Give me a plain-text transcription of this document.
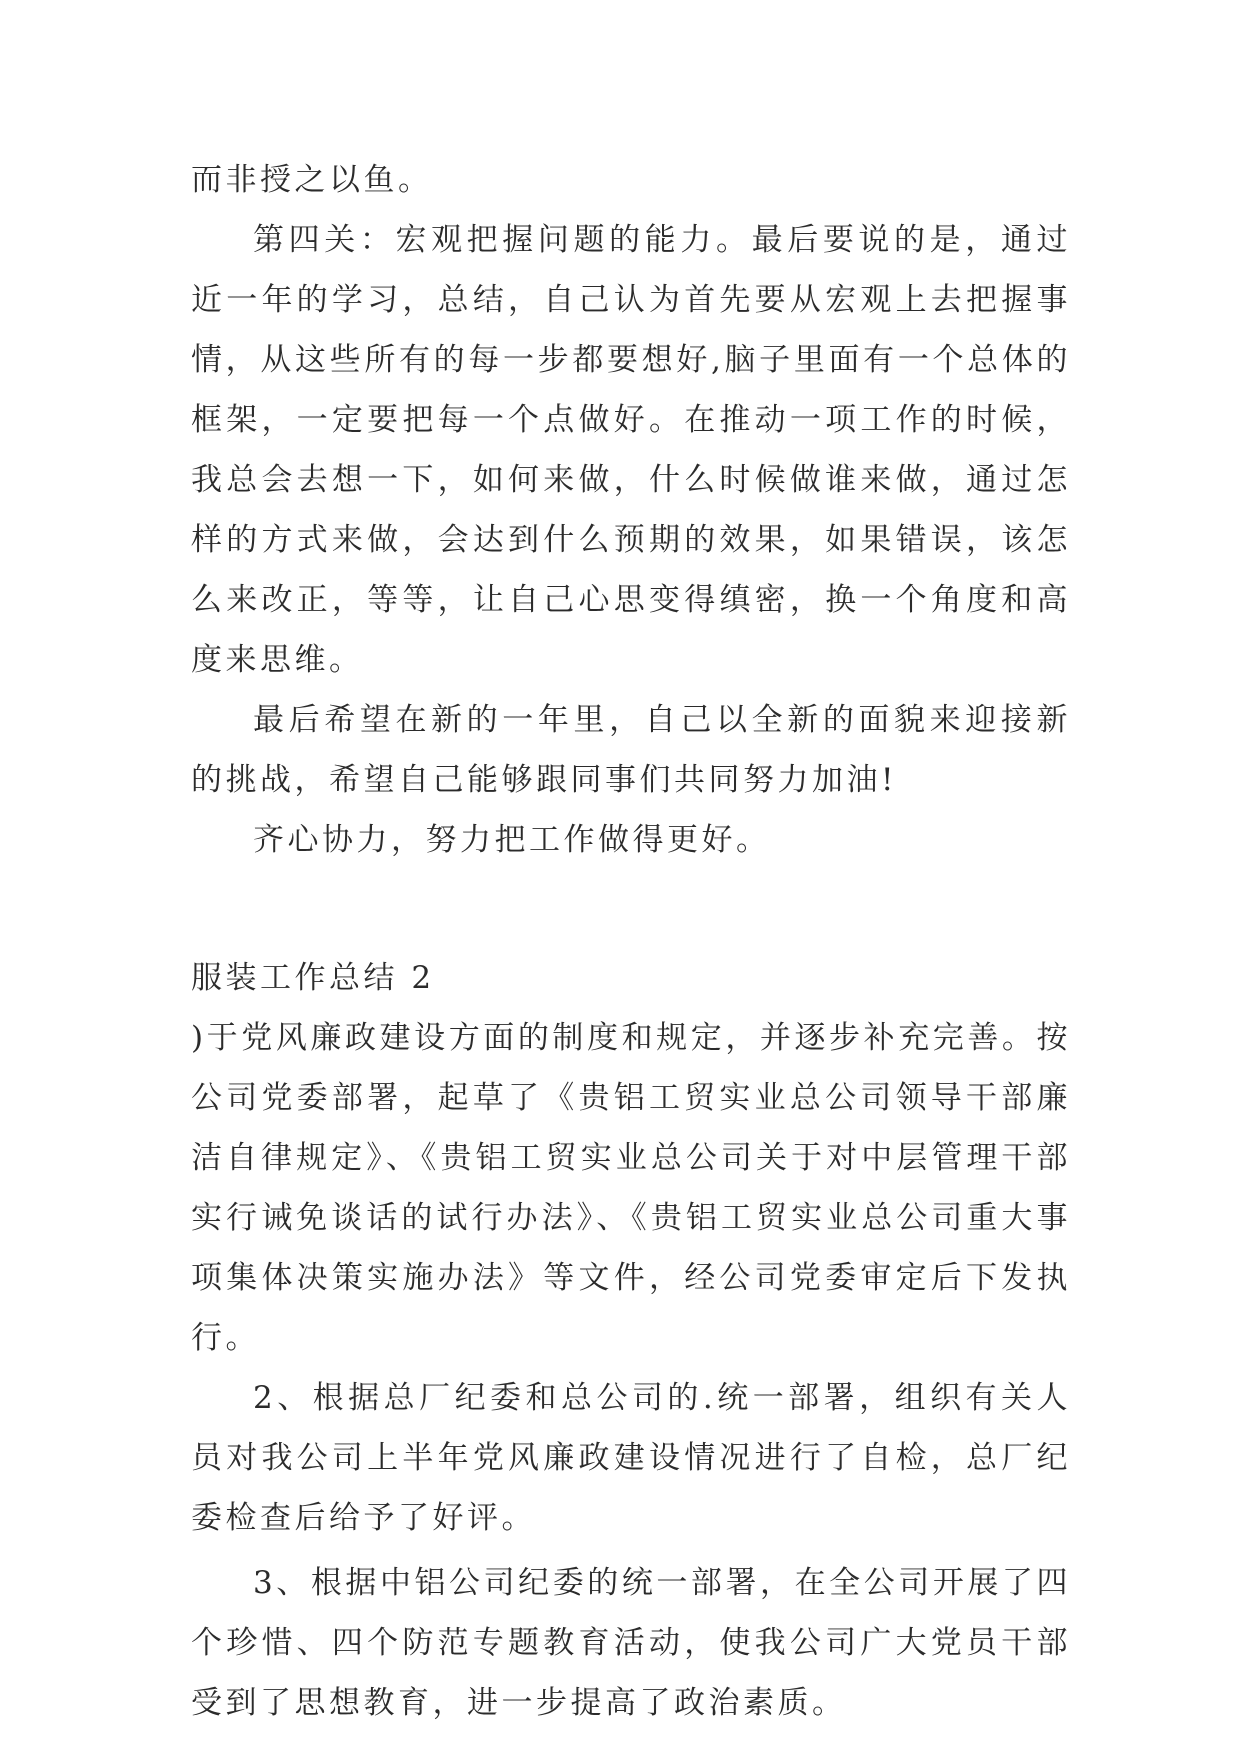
而非授之以鱼。

第四关：宏观把握问题的能力。最后要说的是，通过近一年的学习，总结，自己认为首先要从宏观上去把握事情，从这些所有的每一步都要想好,脑子里面有一个总体的框架，一定要把每一个点做好。在推动一项工作的时候，我总会去想一下，如何来做，什么时候做谁来做，通过怎样的方式来做，会达到什么预期的效果，如果错误，该怎么来改正，等等，让自己心思变得缜密，换一个角度和高度来思维。

最后希望在新的一年里，自己以全新的面貌来迎接新的挑战，希望自己能够跟同事们共同努力加油!

齐心协力，努力把工作做得更好。

服装工作总结 2

)于党风廉政建设方面的制度和规定，并逐步补充完善。按公司党委部署，起草了《贵铝工贸实业总公司领导干部廉洁自律规定》、《贵铝工贸实业总公司关于对中层管理干部实行诫免谈话的试行办法》、《贵铝工贸实业总公司重大事项集体决策实施办法》等文件，经公司党委审定后下发执行。

2、根据总厂纪委和总公司的.统一部署，组织有关人员对我公司上半年党风廉政建设情况进行了自检，总厂纪委检查后给予了好评。

3、根据中铝公司纪委的统一部署，在全公司开展了四个珍惜、四个防范专题教育活动，使我公司广大党员干部受到了思想教育，进一步提高了政治素质。
